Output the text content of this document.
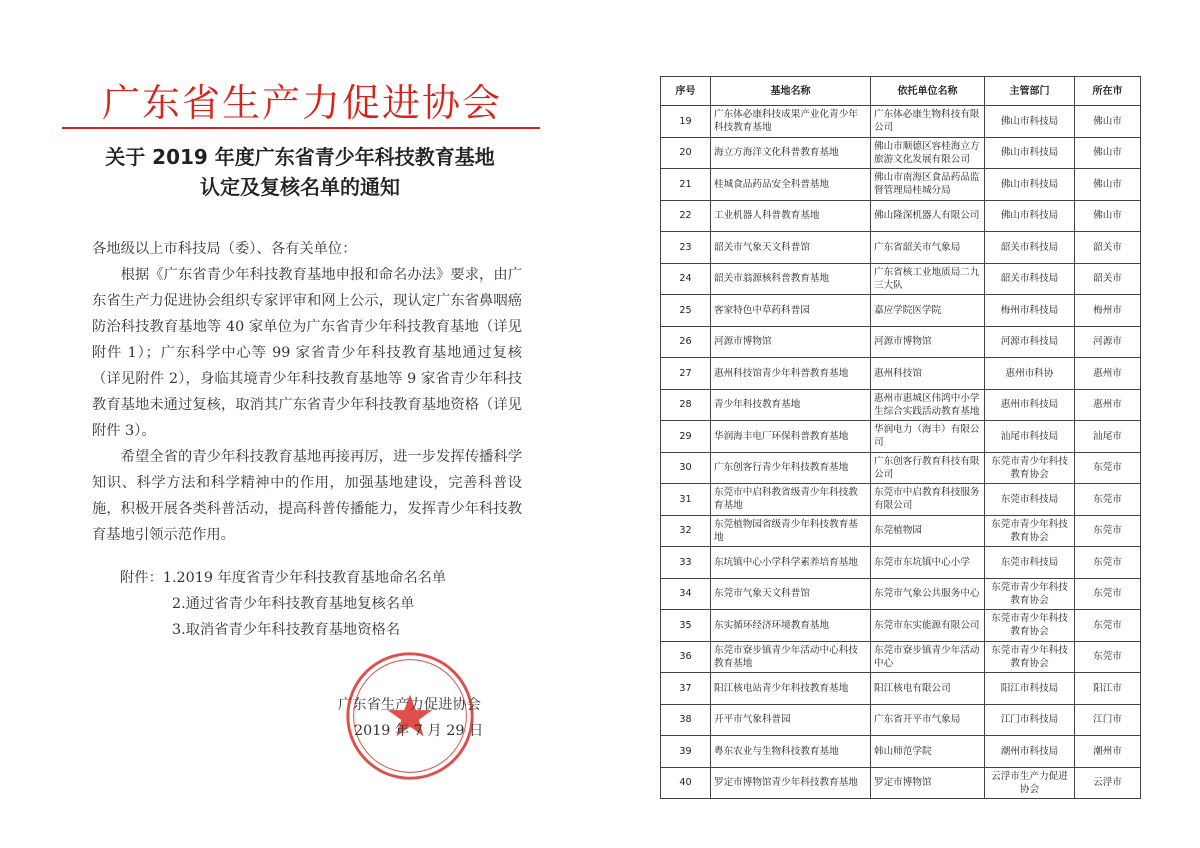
广东省生产力促进协会
关于 2019 年度广东省青少年科技教育基地
认定及复核名单的通知

各地级以上市科技局（委）、各有关单位：

根据《广东省青少年科技教育基地申报和命名办法》要求，由广东省生产力促进协会组织专家评审和网上公示，现认定广东省鼻咽癌防治科技教育基地等 40 家单位为广东省青少年科技教育基地（详见附件 1）；广东科学中心等 99 家省青少年科技教育基地通过复核（详见附件 2），身临其境青少年科技教育基地等 9 家省青少年科技教育基地未通过复核，取消其广东省青少年科技教育基地资格（详见附件 3）。

希望全省的青少年科技教育基地再接再厉，进一步发挥传播科学知识、科学方法和科学精神中的作用，加强基地建设，完善科普设施，积极开展各类科普活动，提高科普传播能力，发挥青少年科技教育基地引领示范作用。

附件：1.2019 年度省青少年科技教育基地命名名单
2.通过省青少年科技教育基地复核名单
3.取消省青少年科技教育基地资格名
广东省生产力促进协会
2019 年 7 月 29 日
序号	基地名称	依托单位名称	主管部门	所在市
19	广东体必康科技成果产业化青少年科技教育基地	广东体必康生物科技有限公司	佛山市科技局	佛山市
20	海立方海洋文化科普教育基地	佛山市顺德区容桂海立方旅游文化发展有限公司	佛山市科技局	佛山市
21	桂城食品药品安全科普基地	佛山市南海区食品药品监督管理局桂城分局	佛山市科技局	佛山市
22	工业机器人科普教育基地	佛山隆深机器人有限公司	佛山市科技局	佛山市
23	韶关市气象天文科普馆	广东省韶关市气象局	韶关市科技局	韶关市
24	韶关市翁源核科普教育基地	广东省核工业地质局二九三大队	韶关市科技局	韶关市
25	客家特色中草药科普园	嘉应学院医学院	梅州市科技局	梅州市
26	河源市博物馆	河源市博物馆	河源市科技局	河源市
27	惠州科技馆青少年科普教育基地	惠州科技馆	惠州市科协	惠州市
28	青少年科技教育基地	惠州市惠城区伟鸿中小学生综合实践活动教育基地	惠州市科技局	惠州市
29	华润海丰电厂环保科普教育基地	华润电力（海丰）有限公司	汕尾市科技局	汕尾市
30	广东创客行青少年科技教育基地	广东创客行教育科技有限公司	东莞市青少年科技教育协会	东莞市
31	东莞市中启科教省级青少年科技教育基地	东莞市中启教育科技服务有限公司	东莞市科技局	东莞市
32	东莞植物园省级青少年科技教育基地	东莞植物园	东莞市青少年科技教育协会	东莞市
33	东坑镇中心小学科学素养培育基地	东莞市东坑镇中心小学	东莞市科技局	东莞市
34	东莞市气象天文科普馆	东莞市气象公共服务中心	东莞市青少年科技教育协会	东莞市
35	东实循环经济环境教育基地	东莞市东实能源有限公司	东莞市青少年科技教育协会	东莞市
36	东莞市寮步镇青少年活动中心科技教育基地	东莞市寮步镇青少年活动中心	东莞市青少年科技教育协会	东莞市
37	阳江核电站青少年科技教育基地	阳江核电有限公司	阳江市科技局	阳江市
38	开平市气象科普园	广东省开平市气象局	江门市科技局	江门市
39	粤东农业与生物科技教育基地	韩山师范学院	潮州市科技局	潮州市
40	罗定市博物馆青少年科技教育基地	罗定市博物馆	云浮市生产力促进协会	云浮市
